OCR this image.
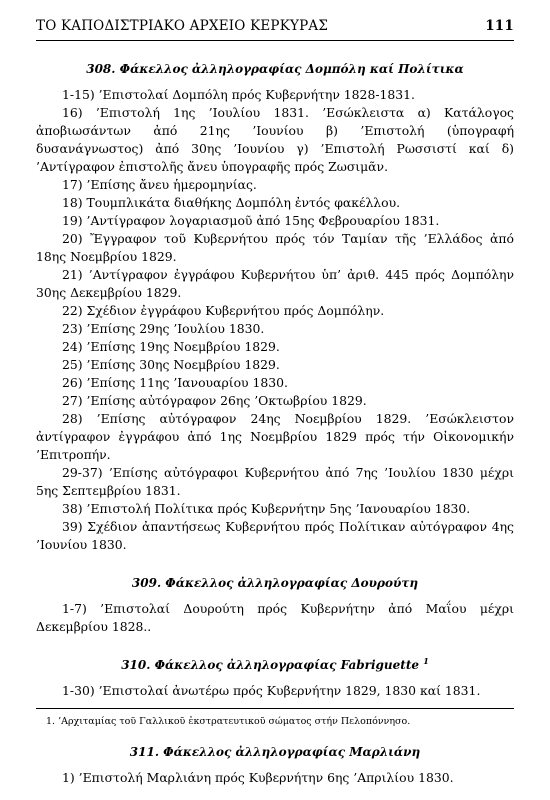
ΤΟ ΚΑΠΟΔΙΣΤΡΙΑΚΟ ΑΡΧΕΙΟ ΚΕΡΚΥΡΑΣ	111

308. Φάκελλος ἀλληλογραφίας Δομπόλη καί Πολίτικα

1-15) ’Επιστολαί Δομπόλη πρός Κυβερνήτην 1828-1831.

16) ’Επιστολή 1ης ’Ιουλίου 1831. ’Εσώκλειστα α) Κατάλογος ἀποβιωσάντων ἀπό 21ης ’Ιουνίου β) ’Επιστολή (ὑπογραφή δυσανάγνωστος) ἀπό 30ης ’Ιουνίου γ) ’Επιστολή Ρωσσιστί καί δ) ’Αντίγραφον ἐπιστολῆς ἄνευ ὑπογραφῆς πρός Ζωσιμᾶν.

17) ’Επίσης ἄνευ ἡμερομηνίας.

18) Τουμπλικάτα διαθήκης Δομπόλη ἐντός φακέλλου.

19) ’Αντίγραφον λογαριασμοῦ ἀπό 15ης Φεβρουαρίου 1831.

20) Ἔγγραφον τοῦ Κυβερνήτου πρός τόν Ταμίαν τῆς ’Ελλάδος ἀπό 18ης Νοεμβρίου 1829.

21) ’Αντίγραφον ἐγγράφου Κυβερνήτου ὑπ’ ἀριθ. 445 πρός Δομπόλην 30ης Δεκεμβρίου 1829.

22) Σχέδιον ἐγγράφου Κυβερνήτου πρός Δομπόλην.

23) ’Επίσης 29ης ’Ιουλίου 1830.

24) ’Επίσης 19ης Νοεμβρίου 1829.

25) ’Επίσης 30ης Νοεμβρίου 1829.

26) ’Επίσης 11ης ’Ιανουαρίου 1830.

27) ’Επίσης αὐτόγραφον 26ης ’Οκτωβρίου 1829.

28) ’Επίσης αὐτόγραφον 24ης Νοεμβρίου 1829. ’Εσώκλειστον ἀντίγραφον ἐγγράφου ἀπό 1ης Νοεμβρίου 1829 πρός τήν Οἰκονομικήν ’Επιτροπήν.

29-37) ’Επίσης αὐτόγραφοι Κυβερνήτου ἀπό 7ης ’Ιουλίου 1830 μέχρι 5ης Σεπτεμβρίου 1831.

38) ’Επιστολή Πολίτικα πρός Κυβερνήτην 5ης ’Ιανουαρίου 1830.

39) Σχέδιον ἀπαντήσεως Κυβερνήτου πρός Πολίτικαν αὐτόγραφον 4ης ’Ιουνίου 1830.

309. Φάκελλος ἀλληλογραφίας Δουρούτη

1-7) ’Επιστολαί Δουρούτη πρός Κυβερνήτην ἀπό Μαΐου μέχρι Δεκεμβρίου 1828..

310. Φάκελλος ἀλληλογραφίας Fabriguette $^1$

1-30) ’Επιστολαί ἀνωτέρω πρός Κυβερνήτην 1829, 1830 καί 1831.

1. ’Αρχιταμίας τοῦ Γαλλικοῦ ἐκστρατευτικοῦ σώματος στήν Πελοπόννησο.

311. Φάκελλος ἀλληλογραφίας Μαρλιάνη

1) ’Επιστολή Μαρλιάνη πρός Κυβερνήτην 6ης ’Απριλίου 1830.
